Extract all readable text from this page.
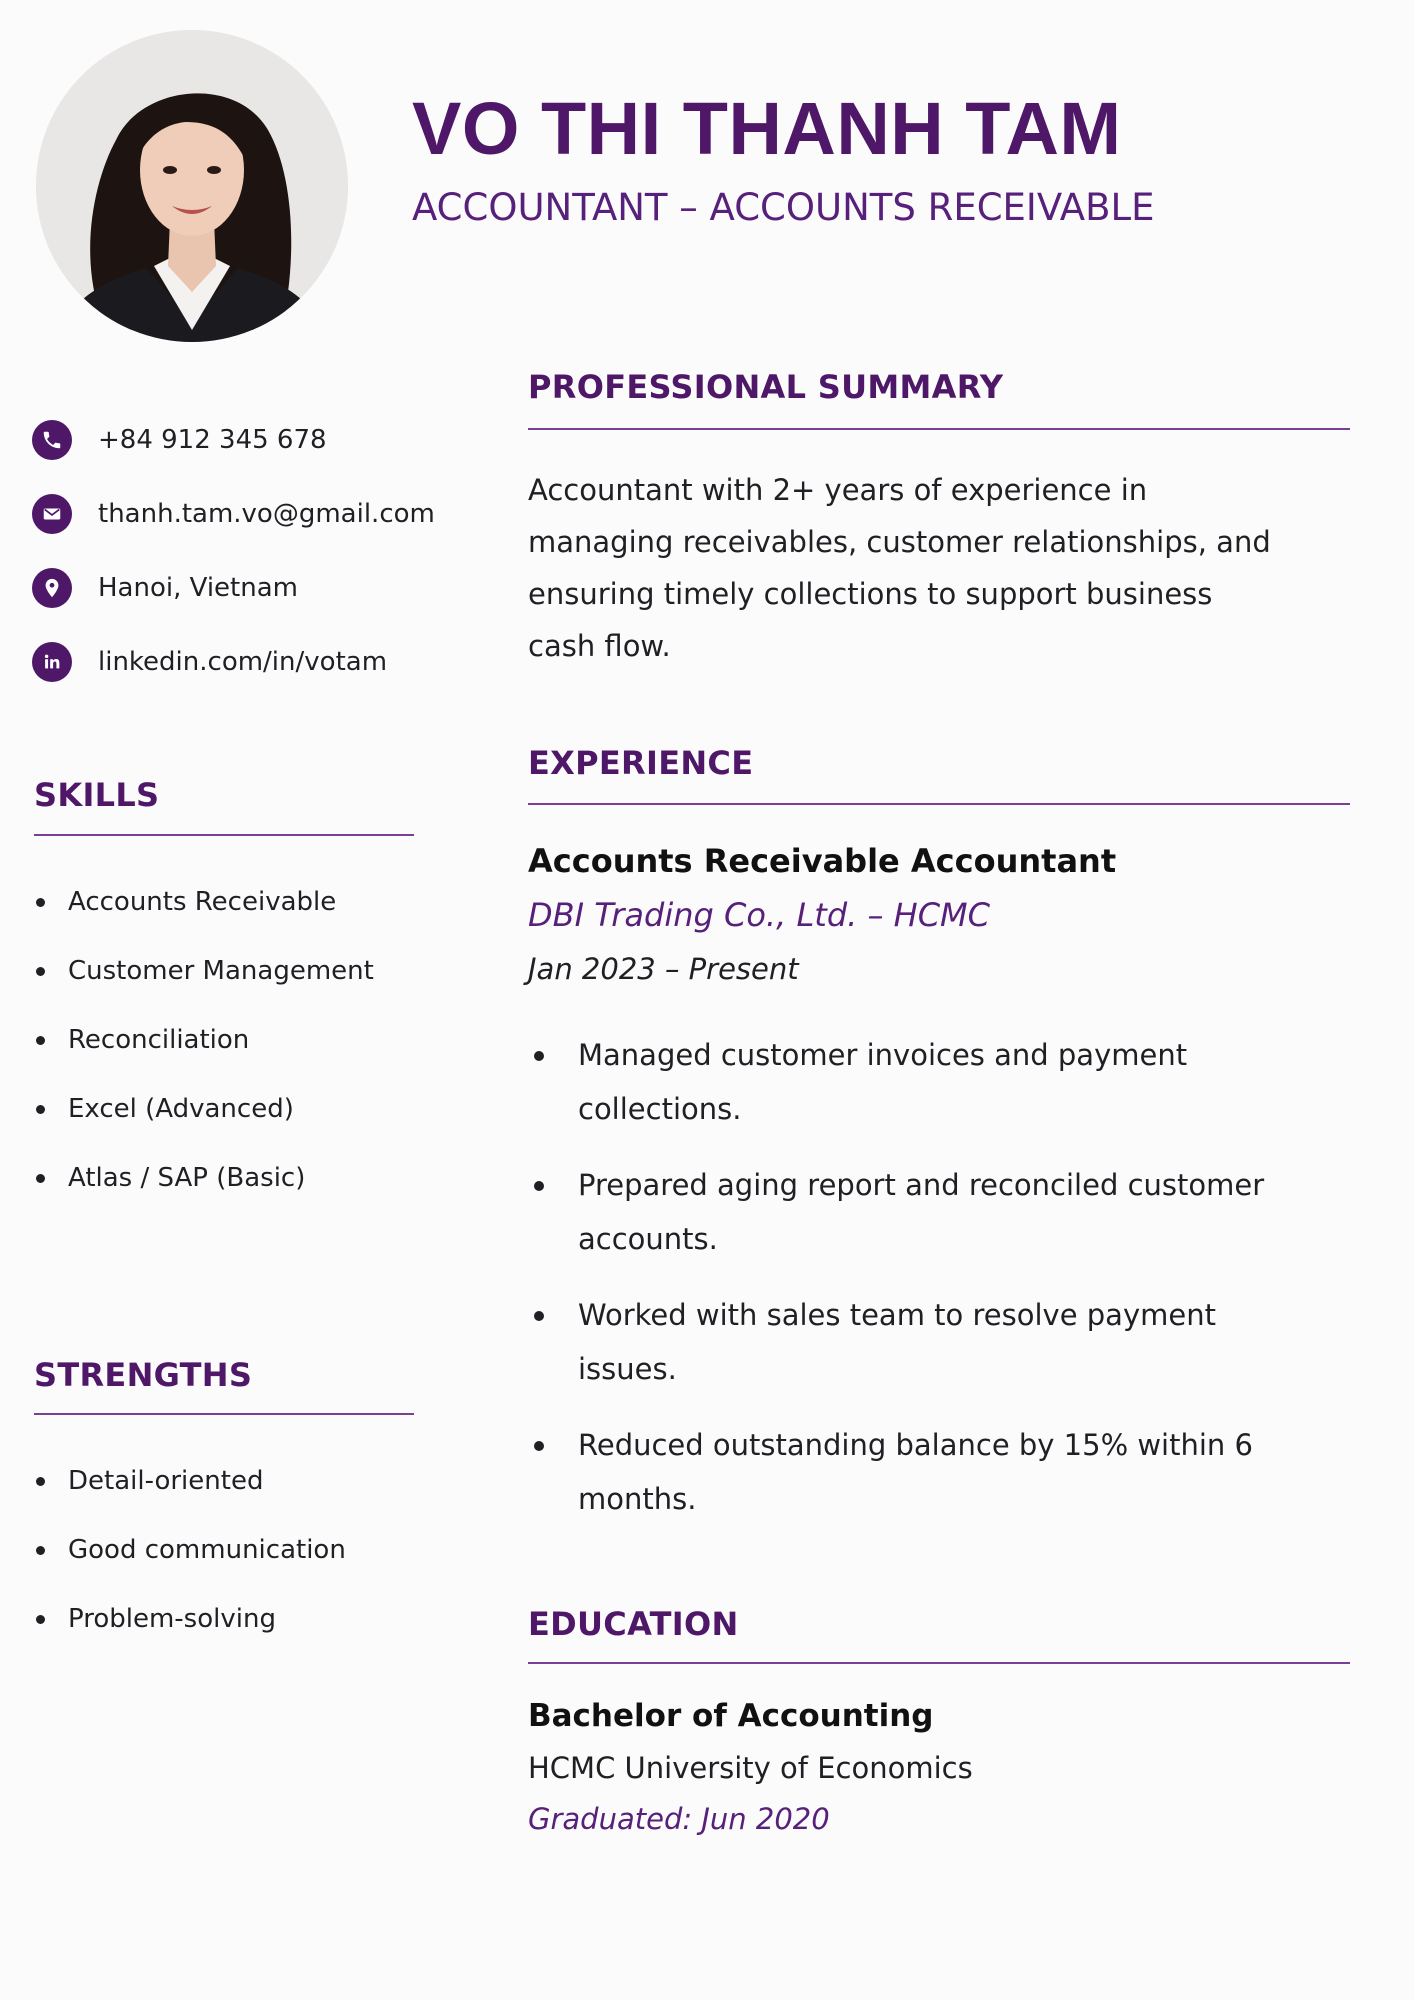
VO THI THANH TAM
ACCOUNTANT – ACCOUNTS RECEIVABLE
+84 912 345 678
thanh.tam.vo@gmail.com
Hanoi, Vietnam
linkedin.com/in/votam
SKILLS
Accounts Receivable
Customer Management
Reconciliation
Excel (Advanced)
Atlas / SAP (Basic)
STRENGTHS
Detail-oriented
Good communication
Problem-solving
PROFESSIONAL SUMMARY

Accountant with 2+ years of experience in managing receivables, customer relationships, and ensuring timely collections to support business cash flow.

EXPERIENCE
Accounts Receivable Accountant
DBI Trading Co., Ltd. – HCMC
Jan 2023 – Present
Managed customer invoices and payment collections.
Prepared aging report and reconciled customer accounts.
Worked with sales team to resolve payment issues.
Reduced outstanding balance by 15% within 6 months.
EDUCATION
Bachelor of Accounting
HCMC University of Economics
Graduated: Jun 2020
